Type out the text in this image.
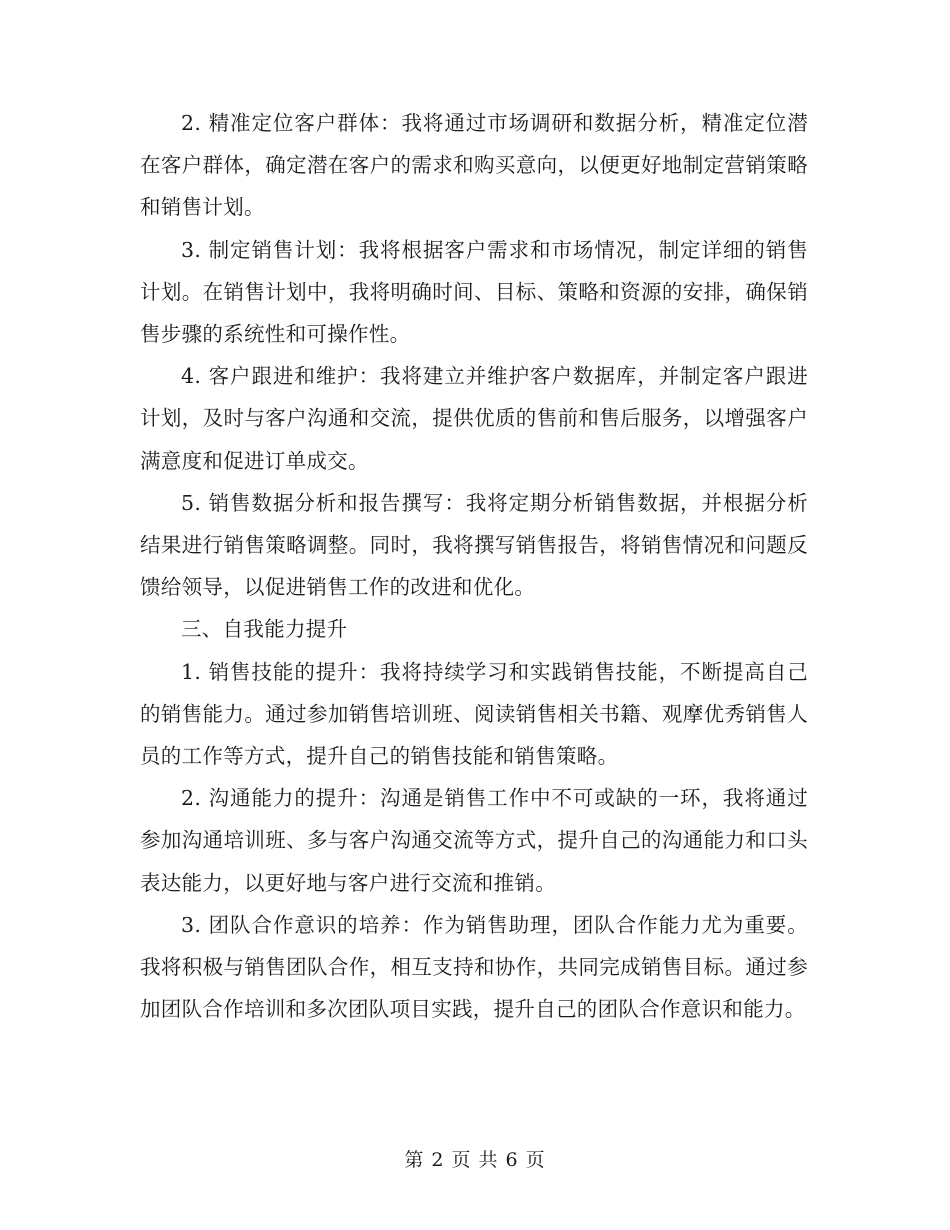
2. 精准定位客户群体：我将通过市场调研和数据分析，精准定位潜在客户群体，确定潜在客户的需求和购买意向，以便更好地制定营销策略和销售计划。

3. 制定销售计划：我将根据客户需求和市场情况，制定详细的销售计划。在销售计划中，我将明确时间、目标、策略和资源的安排，确保销售步骤的系统性和可操作性。

4. 客户跟进和维护：我将建立并维护客户数据库，并制定客户跟进计划，及时与客户沟通和交流，提供优质的售前和售后服务，以增强客户满意度和促进订单成交。

5. 销售数据分析和报告撰写：我将定期分析销售数据，并根据分析结果进行销售策略调整。同时，我将撰写销售报告，将销售情况和问题反馈给领导，以促进销售工作的改进和优化。

三、自我能力提升

1. 销售技能的提升：我将持续学习和实践销售技能，不断提高自己的销售能力。通过参加销售培训班、阅读销售相关书籍、观摩优秀销售人员的工作等方式，提升自己的销售技能和销售策略。

2. 沟通能力的提升：沟通是销售工作中不可或缺的一环，我将通过参加沟通培训班、多与客户沟通交流等方式，提升自己的沟通能力和口头表达能力，以更好地与客户进行交流和推销。

3. 团队合作意识的培养：作为销售助理，团队合作能力尤为重要。我将积极与销售团队合作，相互支持和协作，共同完成销售目标。通过参加团队合作培训和多次团队项目实践，提升自己的团队合作意识和能力。

第 2 页 共 6 页
